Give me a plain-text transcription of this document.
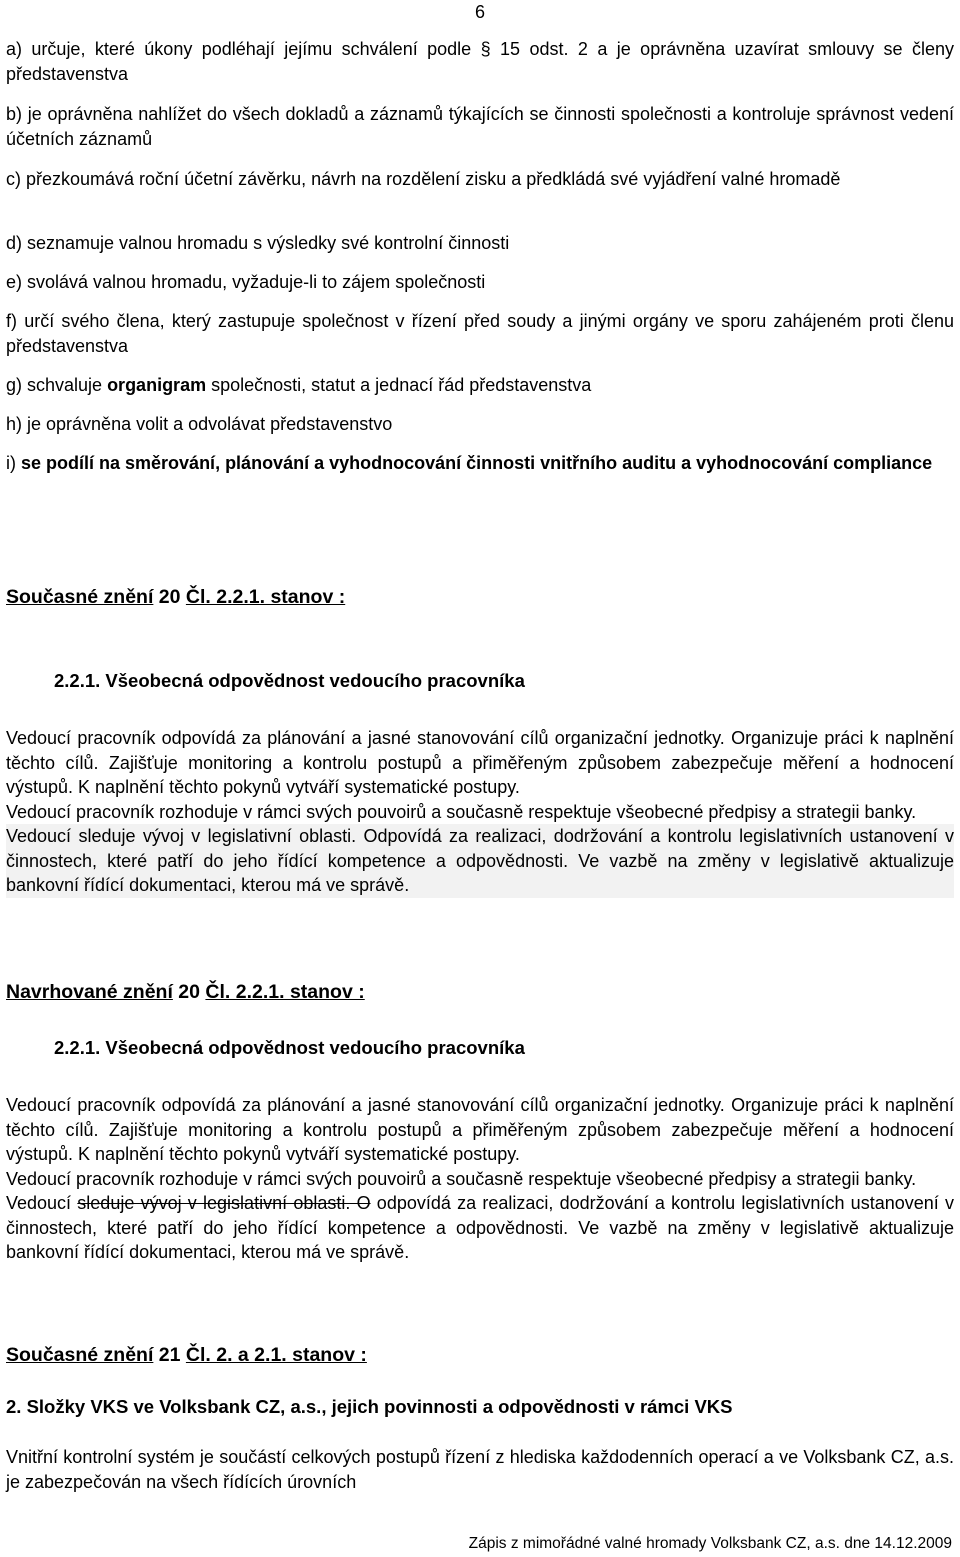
6

a) určuje, které úkony podléhají jejímu schválení podle § 15 odst. 2 a je oprávněna uzavírat smlouvy se členy představenstva

b) je oprávněna nahlížet do všech dokladů a záznamů týkajících se činnosti společnosti a kontroluje správnost vedení účetních záznamů

c) přezkoumává roční účetní závěrku, návrh na rozdělení zisku a předkládá své vyjádření valné hromadě

d) seznamuje valnou hromadu s výsledky své kontrolní činnosti

e) svolává valnou hromadu, vyžaduje-li to zájem společnosti

f) určí svého člena, který zastupuje společnost v řízení před soudy a jinými orgány ve sporu zahájeném proti členu představenstva

g) schvaluje organigram společnosti, statut a jednací řád představenstva

h) je oprávněna volit a odvolávat představenstvo

i) se podílí na směrování, plánování a vyhodnocování činnosti vnitřního auditu a vyhodnocování compliance

Současné znění 20 Čl. 2.2.1. stanov :
2.2.1. Všeobecná odpovědnost vedoucího pracovníka

Vedoucí pracovník odpovídá za plánování a jasné stanovování cílů organizační jednotky. Organizuje práci k naplnění těchto cílů. Zajišťuje monitoring a kontrolu postupů a přiměřeným způsobem zabezpečuje měření a hodnocení výstupů. K naplnění těchto pokynů vytváří systematické postupy.

Vedoucí pracovník rozhoduje v rámci svých pouvoirů a současně respektuje všeobecné předpisy a strategii banky.

Vedoucí sleduje vývoj v legislativní oblasti. Odpovídá za realizaci, dodržování a kontrolu legislativních ustanovení v činnostech, které patří do jeho řídící kompetence a odpovědnosti. Ve vazbě na změny v legislativě aktualizuje bankovní řídící dokumentaci, kterou má ve správě.

Navrhované znění 20 Čl. 2.2.1. stanov :
2.2.1. Všeobecná odpovědnost vedoucího pracovníka

Vedoucí pracovník odpovídá za plánování a jasné stanovování cílů organizační jednotky. Organizuje práci k naplnění těchto cílů. Zajišťuje monitoring a kontrolu postupů a přiměřeným způsobem zabezpečuje měření a hodnocení výstupů. K naplnění těchto pokynů vytváří systematické postupy.

Vedoucí pracovník rozhoduje v rámci svých pouvoirů a současně respektuje všeobecné předpisy a strategii banky.

Vedoucí sleduje vývoj v legislativní oblasti. O odpovídá za realizaci, dodržování a kontrolu legislativních ustanovení v činnostech, které patří do jeho řídící kompetence a odpovědnosti. Ve vazbě na změny v legislativě aktualizuje bankovní řídící dokumentaci, kterou má ve správě.

Současné znění 21 Čl. 2. a 2.1. stanov :
2. Složky VKS ve Volksbank CZ, a.s., jejich povinnosti a odpovědnosti v rámci VKS

Vnitřní kontrolní systém je součástí celkových postupů řízení z hlediska každodenních operací a ve Volksbank CZ, a.s. je zabezpečován na všech řídících úrovních

Zápis z mimořádné valné hromady Volksbank CZ, a.s. dne 14.12.2009
